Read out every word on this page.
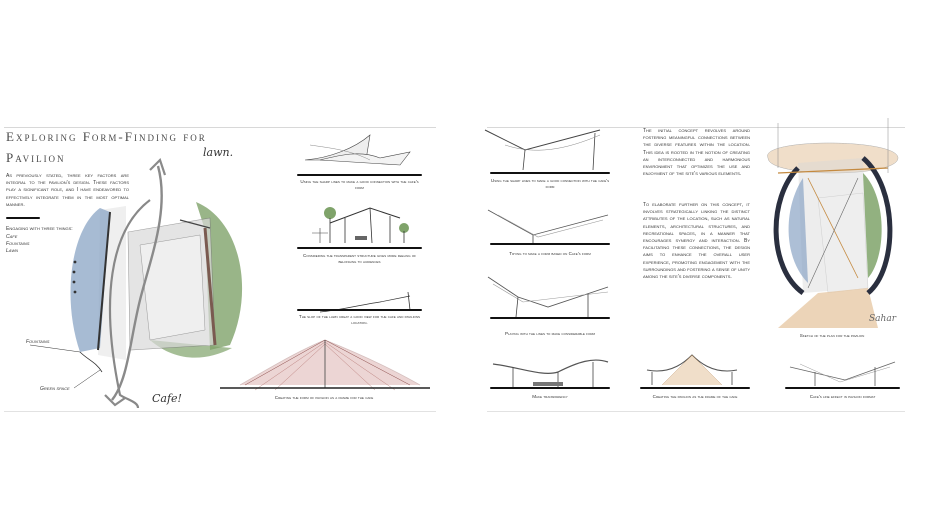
Exploring Form-Finding for
Pavilion	lawn.
As previously stated, three key factors are integral to the pavilion's design. These factors play a significant role, and I have endeavored to effectively integrate them in the most optimal manner.
Engaging with three things:
Cafe
Fountains
Lawn
Fountains
Green space
Cafe!
Using the sharp lines to make a good connection with the cafe's form
Considering the transparent structure gives more feeling of belonging to audiences
The slop of the lawn creat a good view for the cafe and pavilions location.
Creating the form of pavilion as a frame for the cafe
Using the sharp lines to make a good connection with the cafe's form
Trying to make a form based on Cafe's form
Playing with the lines to make considerable form
Make transparency	Creating the pavilion as the frame of the cafe	Cafe's line effect in pavilion format
The initial concept revolves around fostering meaningful connections between the diverse features within the location. This idea is rooted in the notion of creating an interconnected and harmonious environment that optimizes the use and enjoyment of the site's various elements.
To elaborate further on this concept, it involves strategically linking the distinct attributes of the location, such as natural elements, architectural structures, and recreational spaces, in a manner that encourages synergy and interaction. By facilitating these connections, the design aims to enhance the overall user experience, promoting engagement with the surroundings and fostering a sense of unity among the site's diverse components.
Sahar
Sketch of the plan for the pavilion
